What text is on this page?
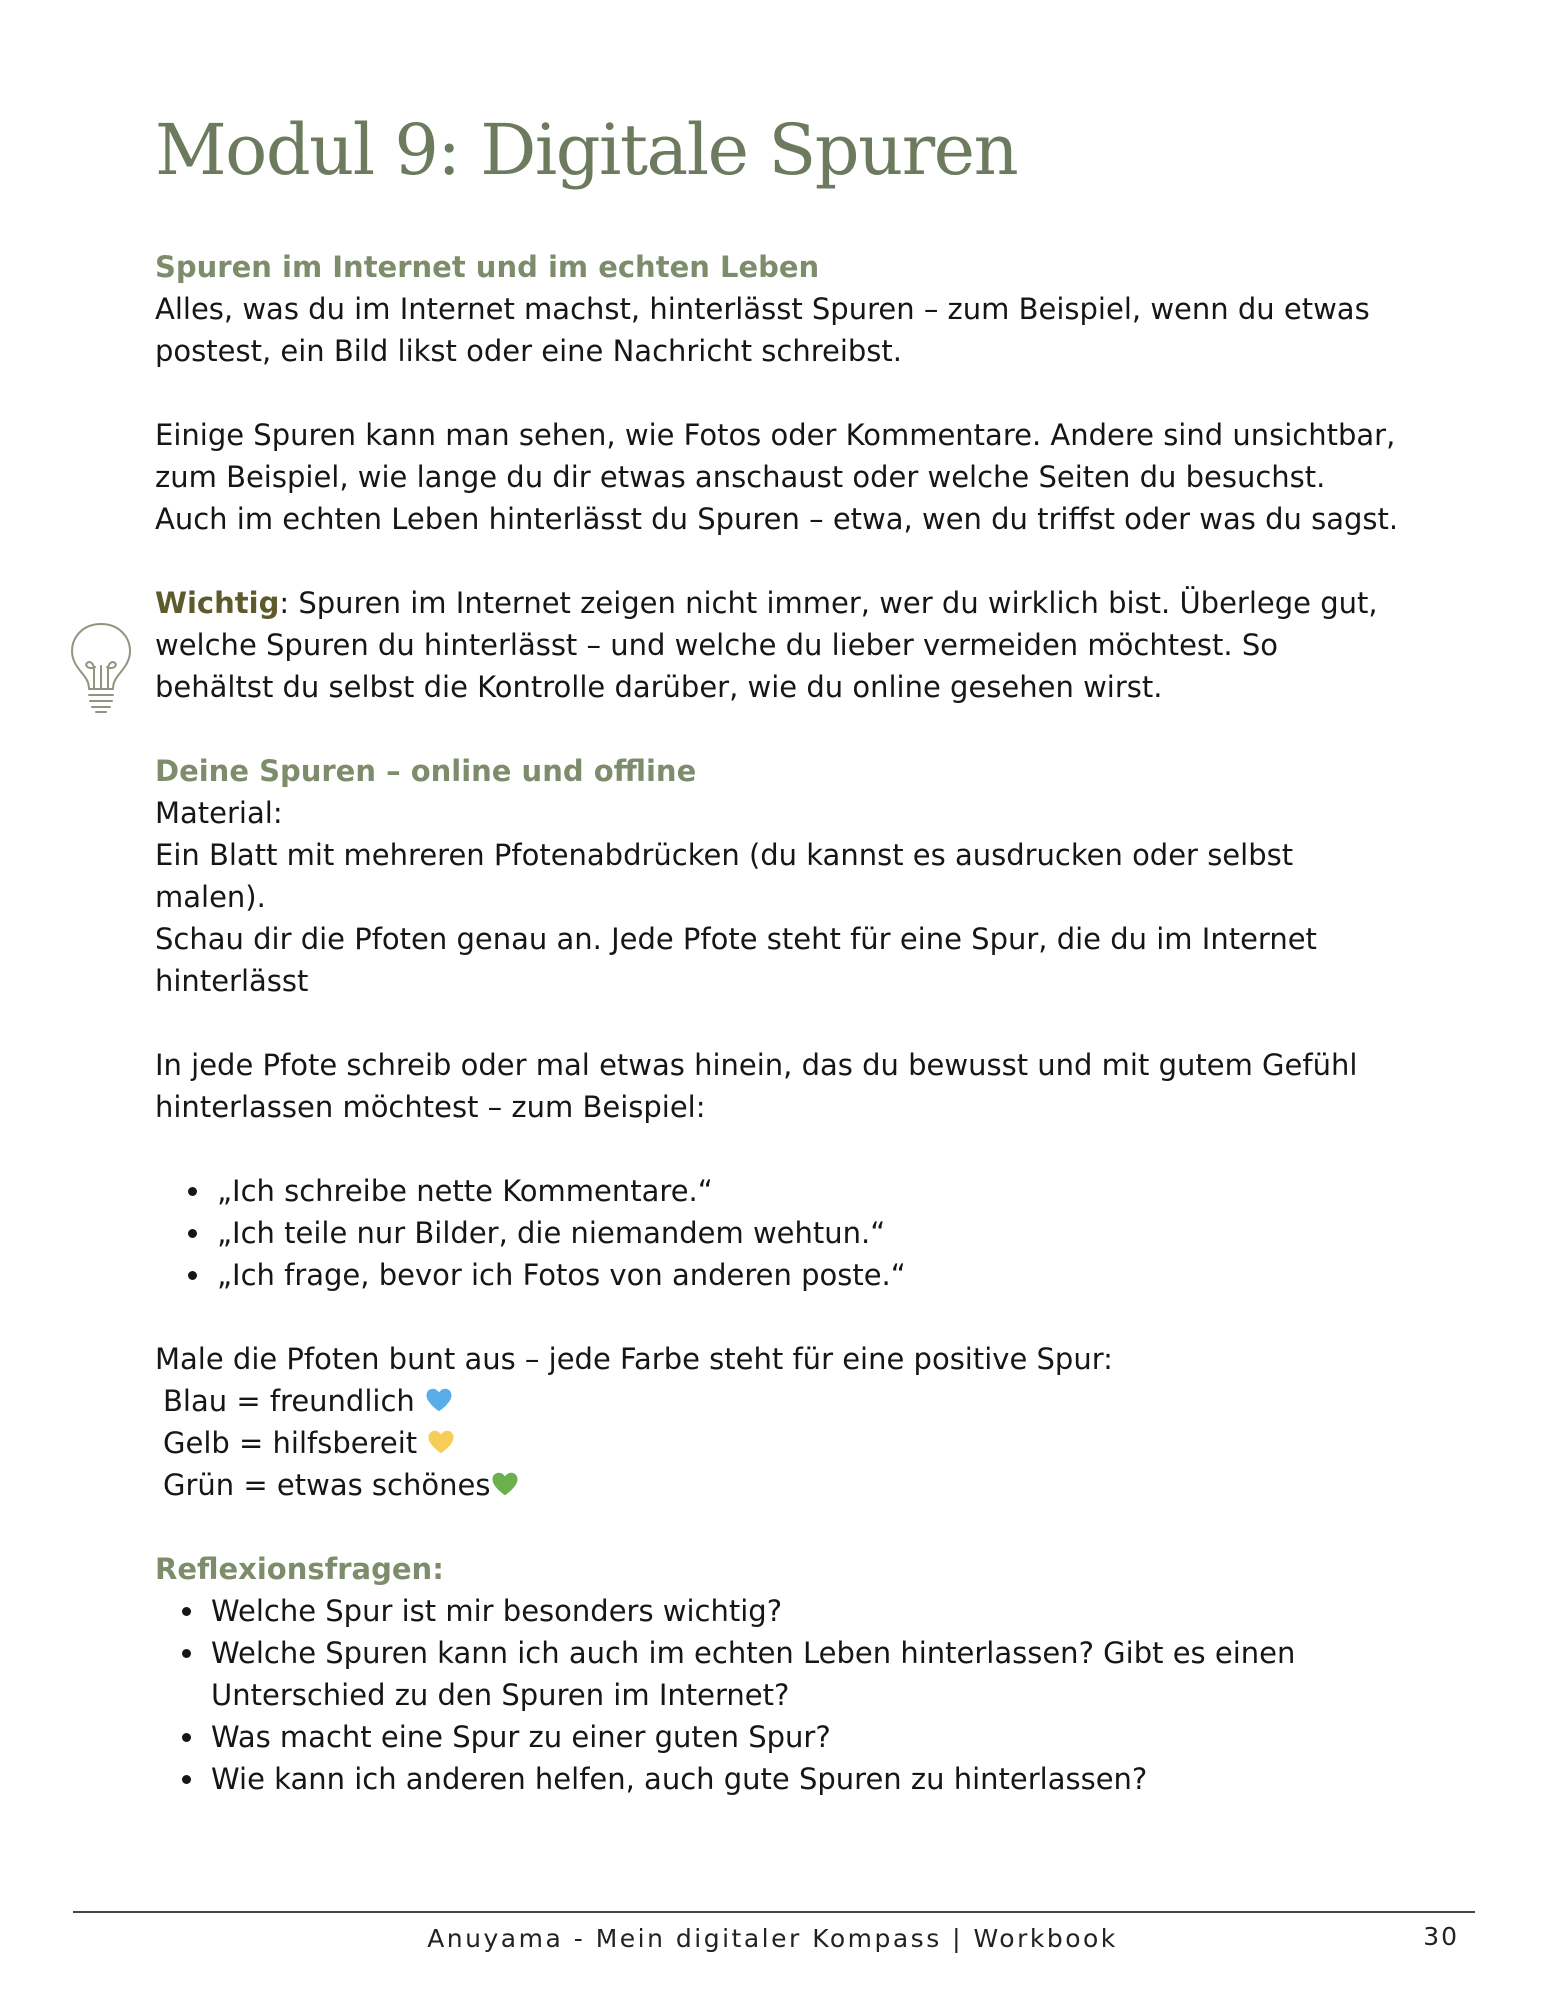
Modul 9: Digitale Spuren

Spuren im Internet und im echten Leben

Alles, was du im Internet machst, hinterlässt Spuren – zum Beispiel, wenn du etwas postest, ein Bild likst oder eine Nachricht schreibst.

Einige Spuren kann man sehen, wie Fotos oder Kommentare. Andere sind unsichtbar, zum Beispiel, wie lange du dir etwas anschaust oder welche Seiten du besuchst. Auch im echten Leben hinterlässt du Spuren – etwa, wen du triffst oder was du sagst.

Wichtig: Spuren im Internet zeigen nicht immer, wer du wirklich bist. Überlege gut, welche Spuren du hinterlässt – und welche du lieber vermeiden möchtest. So behältst du selbst die Kontrolle darüber, wie du online gesehen wirst.

Deine Spuren – online und offline

Material:

Ein Blatt mit mehreren Pfotenabdrücken (du kannst es ausdrucken oder selbst malen).

Schau dir die Pfoten genau an. Jede Pfote steht für eine Spur, die du im Internet hinterlässt

In jede Pfote schreib oder mal etwas hinein, das du bewusst und mit gutem Gefühl hinterlassen möchtest – zum Beispiel:

• „Ich schreibe nette Kommentare.“
• „Ich teile nur Bilder, die niemandem wehtun.“
• „Ich frage, bevor ich Fotos von anderen poste.“

Male die Pfoten bunt aus – jede Farbe steht für eine positive Spur:

Blau = freundlich

Gelb = hilfsbereit

Grün = etwas schönes

Reflexionsfragen:

• Welche Spur ist mir besonders wichtig?
• Welche Spuren kann ich auch im echten Leben hinterlassen? Gibt es einen Unterschied zu den Spuren im Internet?
• Was macht eine Spur zu einer guten Spur?
• Wie kann ich anderen helfen, auch gute Spuren zu hinterlassen?
Anuyama - Mein digitaler Kompass | Workbook	30
